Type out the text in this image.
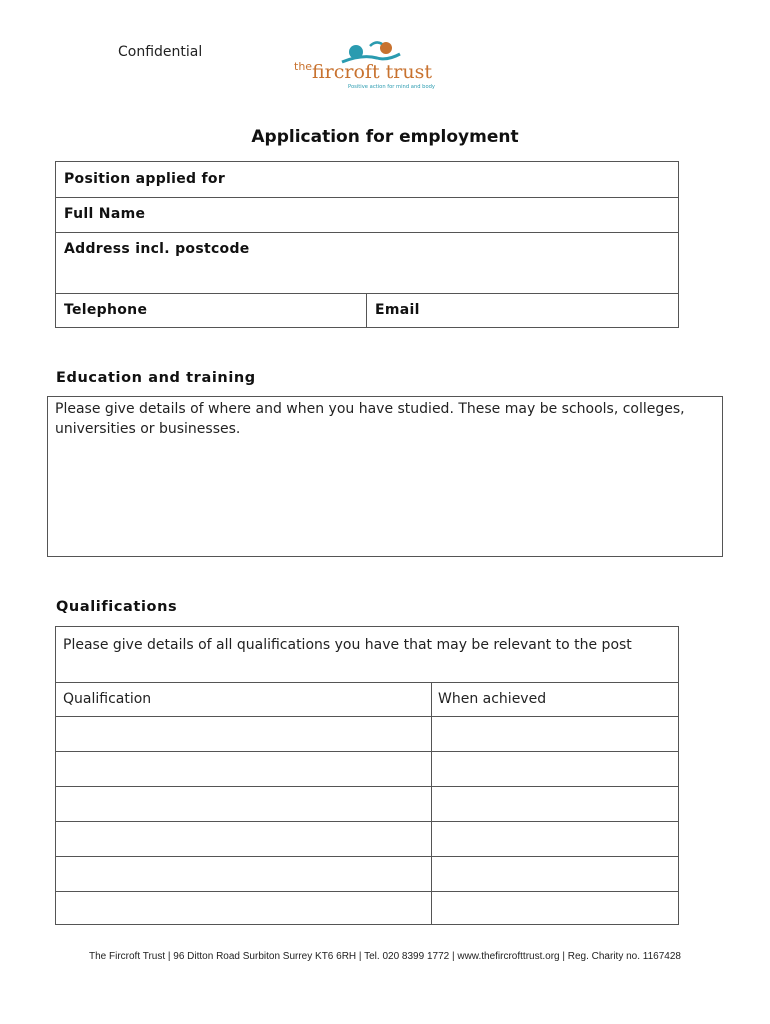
Confidential
the fircroft trust
Positive action for mind and body
Application for employment
Position applied for
Full Name
Address incl. postcode
Telephone	Email
Education and training
Please give details of where and when you have studied. These may be schools, colleges, universities or businesses.
Qualifications
Please give details of all qualifications you have that may be relevant to the post
Qualification	When achieved
The Fircroft Trust | 96 Ditton Road Surbiton Surrey KT6 6RH | Tel. 020 8399 1772 | www.thefircrofttrust.org | Reg. Charity no. 1167428
